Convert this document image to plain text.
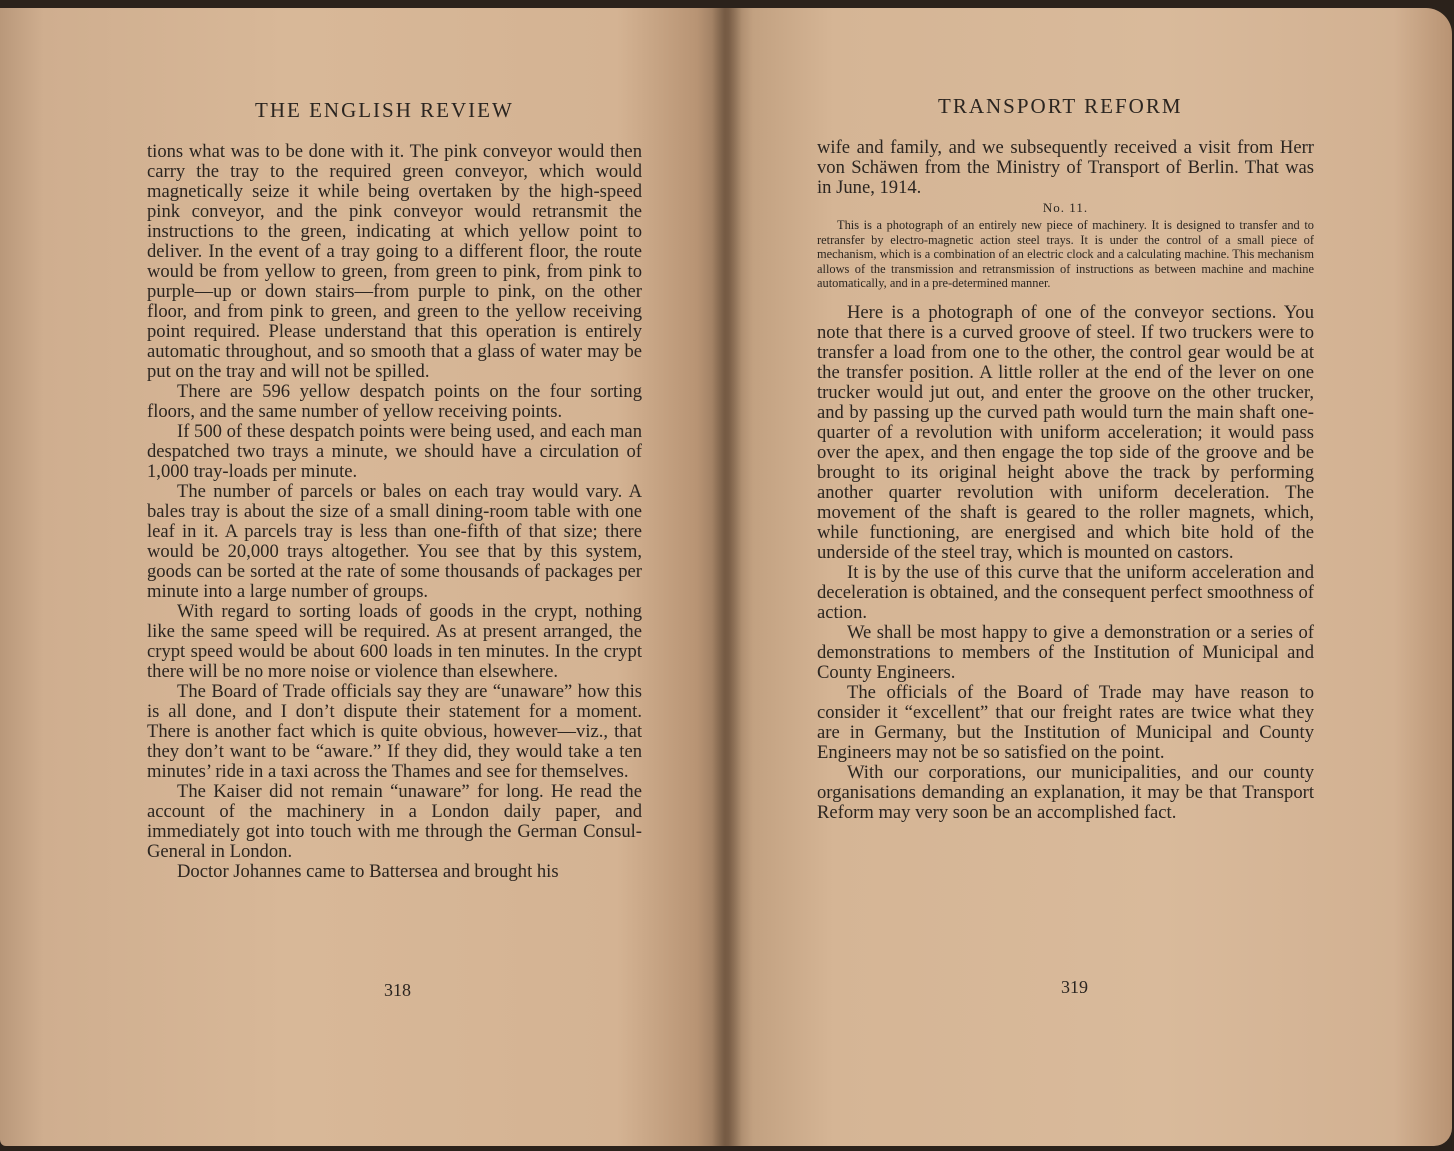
THE ENGLISH REVIEW

tions what was to be done with it. The pink conveyor would then carry the tray to the required green conveyor, which would magnetically seize it while being overtaken by the high-speed pink conveyor, and the pink conveyor would retransmit the instructions to the green, indicating at which yellow point to deliver. In the event of a tray going to a different floor, the route would be from yellow to green, from green to pink, from pink to purple—up or down stairs—from purple to pink, on the other floor, and from pink to green, and green to the yellow receiving point required. Please understand that this operation is entirely automatic throughout, and so smooth that a glass of water may be put on the tray and will not be spilled.

There are 596 yellow despatch points on the four sorting floors, and the same number of yellow receiving points.

If 500 of these despatch points were being used, and each man despatched two trays a minute, we should have a circulation of 1,000 tray-loads per minute.

The number of parcels or bales on each tray would vary. A bales tray is about the size of a small dining-room table with one leaf in it. A parcels tray is less than one-fifth of that size; there would be 20,000 trays altogether. You see that by this system, goods can be sorted at the rate of some thousands of packages per minute into a large number of groups.

With regard to sorting loads of goods in the crypt, nothing like the same speed will be required. As at present arranged, the crypt speed would be about 600 loads in ten minutes. In the crypt there will be no more noise or violence than elsewhere.

The Board of Trade officials say they are “unaware” how this is all done, and I don’t dispute their statement for a moment. There is another fact which is quite obvious, however—viz., that they don’t want to be “aware.” If they did, they would take a ten minutes’ ride in a taxi across the Thames and see for themselves.

The Kaiser did not remain “unaware” for long. He read the account of the machinery in a London daily paper, and immediately got into touch with me through the German Consul-General in London.

Doctor Johannes came to Battersea and brought his

318
TRANSPORT REFORM

wife and family, and we subsequently received a visit from Herr von Schäwen from the Ministry of Transport of Berlin. That was in June, 1914.

No. 11.

This is a photograph of an entirely new piece of machinery. It is designed to transfer and to retransfer by electro-magnetic action steel trays. It is under the control of a small piece of mechanism, which is a combination of an electric clock and a calculating machine. This mechanism allows of the transmission and retransmission of instructions as between machine and machine automatically, and in a pre-determined manner.

Here is a photograph of one of the conveyor sections. You note that there is a curved groove of steel. If two truckers were to transfer a load from one to the other, the control gear would be at the transfer position. A little roller at the end of the lever on one trucker would jut out, and enter the groove on the other trucker, and by passing up the curved path would turn the main shaft one-quarter of a revolution with uniform acceleration; it would pass over the apex, and then engage the top side of the groove and be brought to its original height above the track by performing another quarter revolution with uniform deceleration. The movement of the shaft is geared to the roller magnets, which, while functioning, are energised and which bite hold of the underside of the steel tray, which is mounted on castors.

It is by the use of this curve that the uniform acceleration and deceleration is obtained, and the consequent perfect smoothness of action.

We shall be most happy to give a demonstration or a series of demonstrations to members of the Institution of Municipal and County Engineers.

The officials of the Board of Trade may have reason to consider it “excellent” that our freight rates are twice what they are in Germany, but the Institution of Municipal and County Engineers may not be so satisfied on the point.

With our corporations, our municipalities, and our county organisations demanding an explanation, it may be that Transport Reform may very soon be an accomplished fact.

319
